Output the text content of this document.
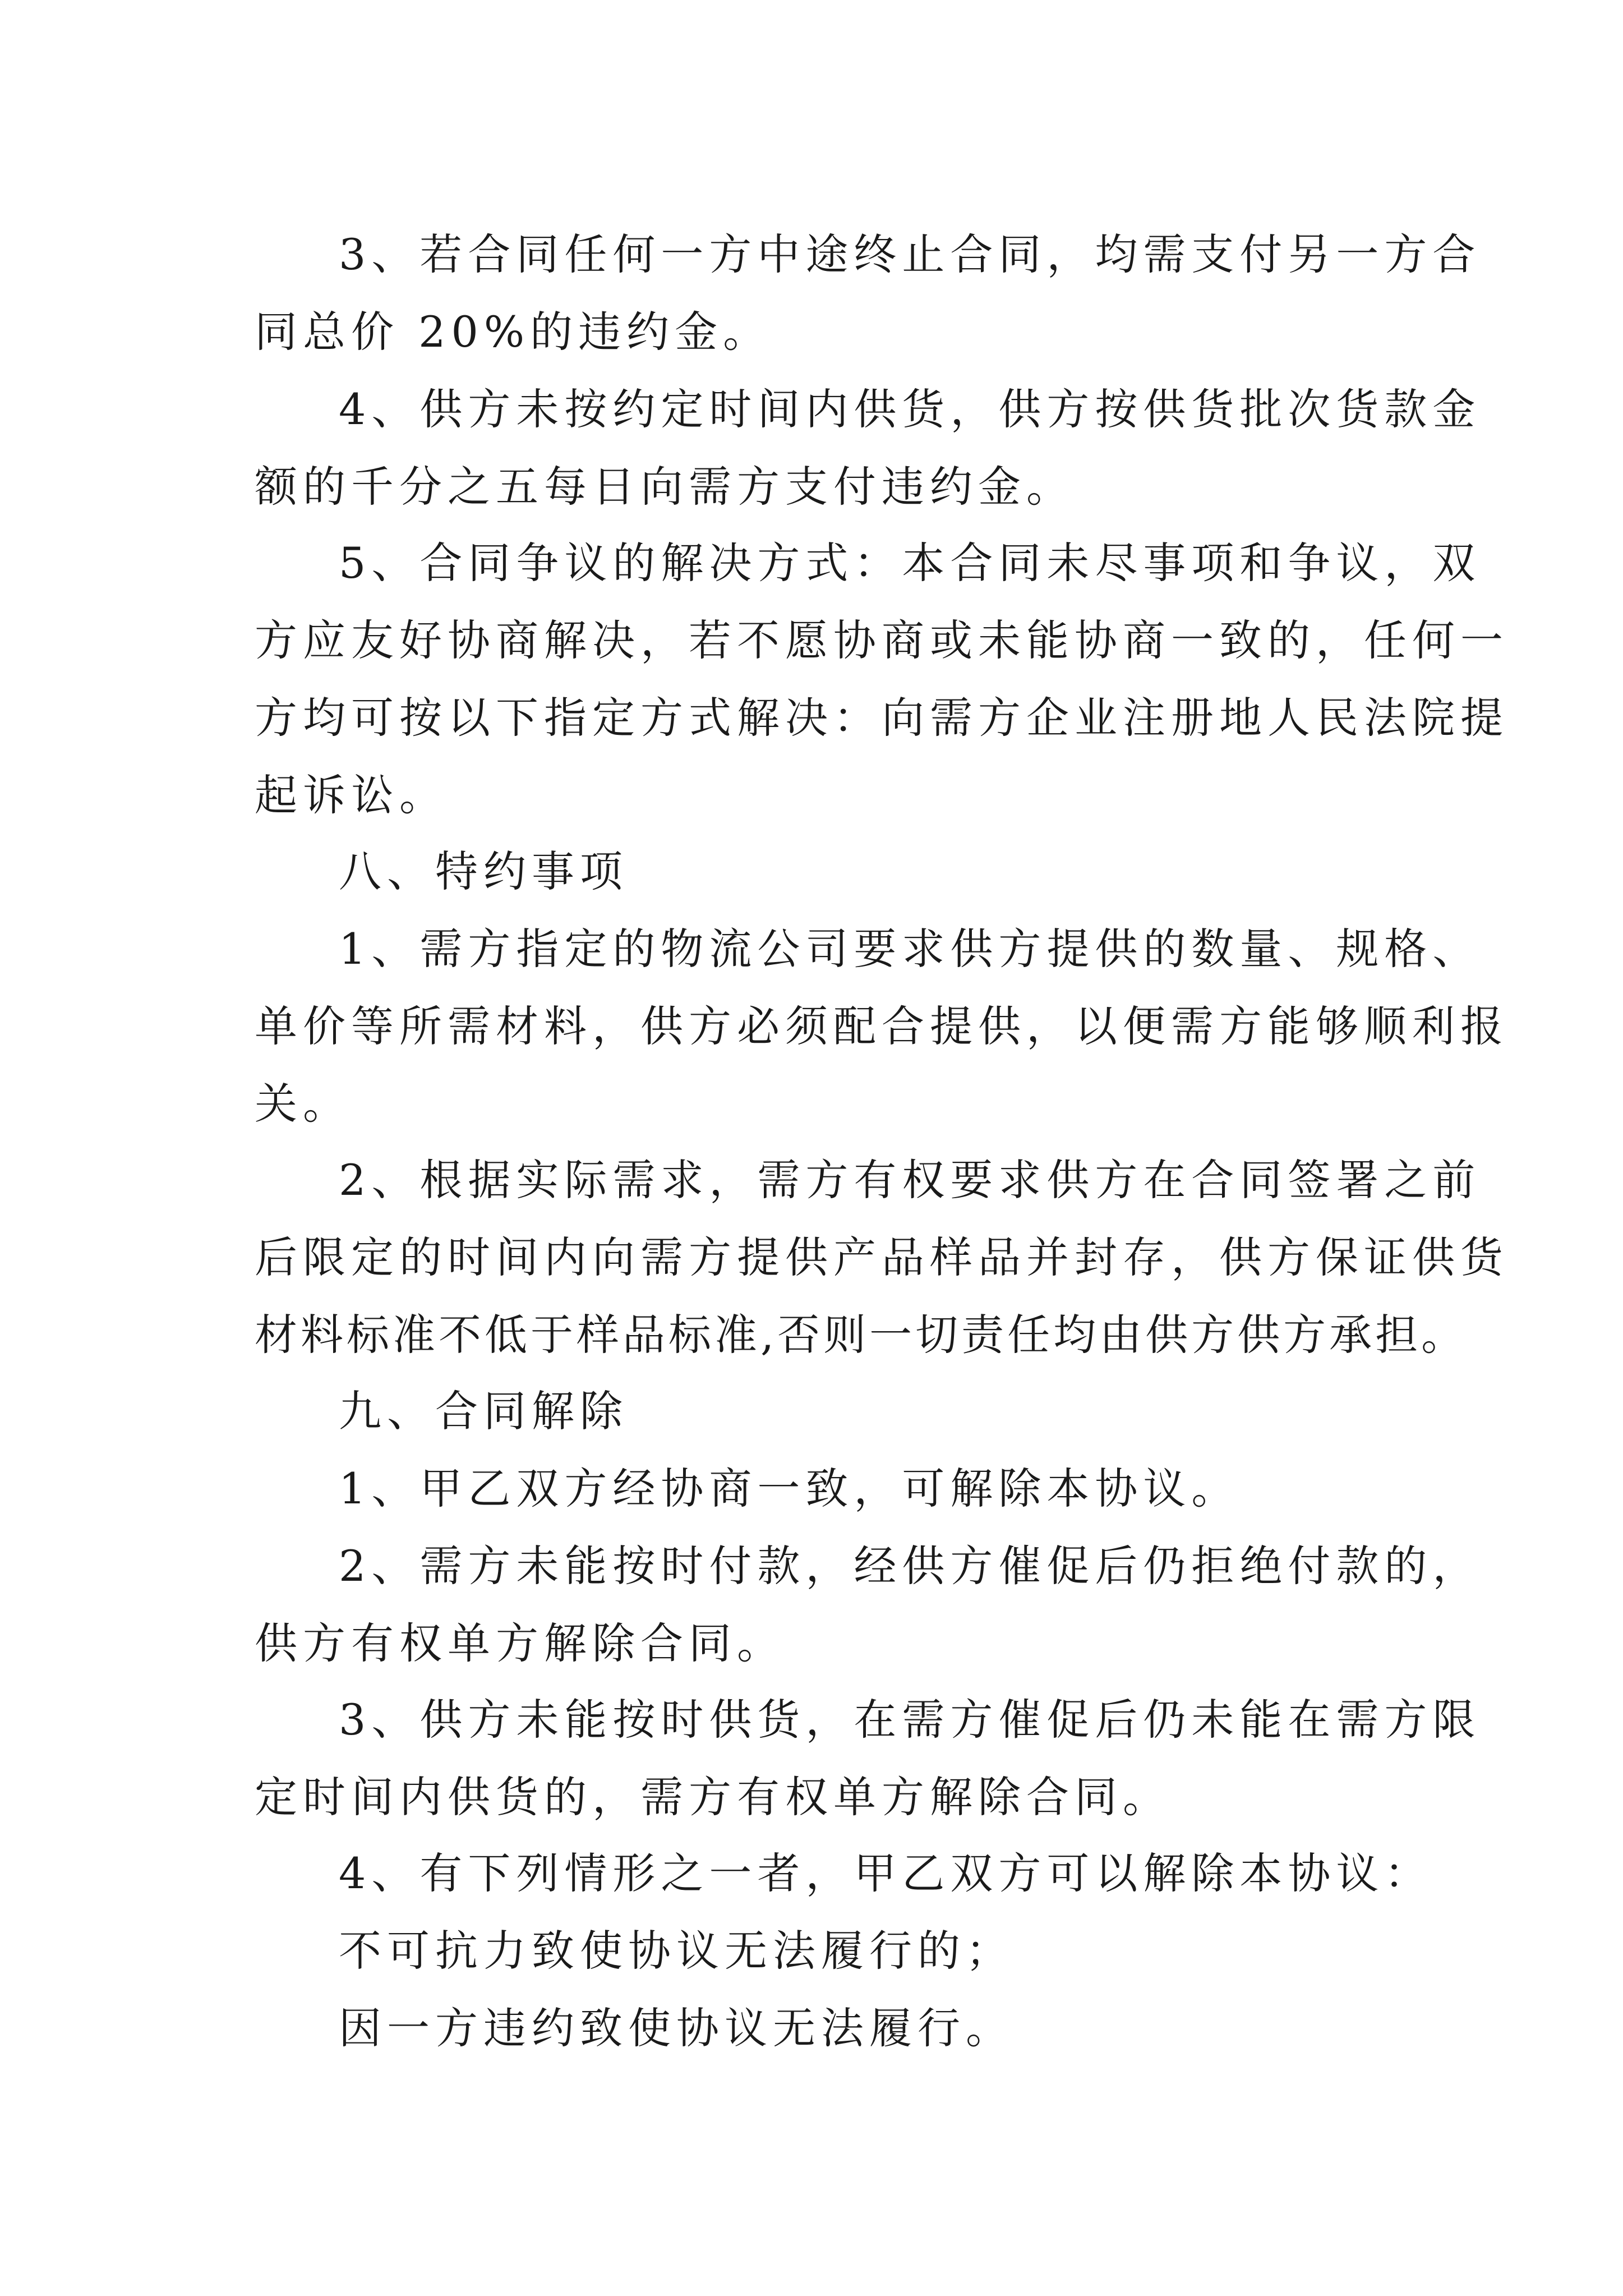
3、若合同任何一方中途终止合同，均需支付另一方合
同总价 20%的违约金。
4、供方未按约定时间内供货，供方按供货批次货款金
额的千分之五每日向需方支付违约金。
5、合同争议的解决方式：本合同未尽事项和争议，双
方应友好协商解决，若不愿协商或未能协商一致的，任何一
方均可按以下指定方式解决：向需方企业注册地人民法院提
起诉讼。
八、特约事项
1、需方指定的物流公司要求供方提供的数量、规格、
单价等所需材料，供方必须配合提供，以便需方能够顺利报
关。
2、根据实际需求，需方有权要求供方在合同签署之前
后限定的时间内向需方提供产品样品并封存，供方保证供货
材料标准不低于样品标准,否则一切责任均由供方供方承担。
九、合同解除
1、甲乙双方经协商一致，可解除本协议。
2、需方未能按时付款，经供方催促后仍拒绝付款的，
供方有权单方解除合同。
3、供方未能按时供货，在需方催促后仍未能在需方限
定时间内供货的，需方有权单方解除合同。
4、有下列情形之一者，甲乙双方可以解除本协议：
不可抗力致使协议无法履行的；
因一方违约致使协议无法履行。
